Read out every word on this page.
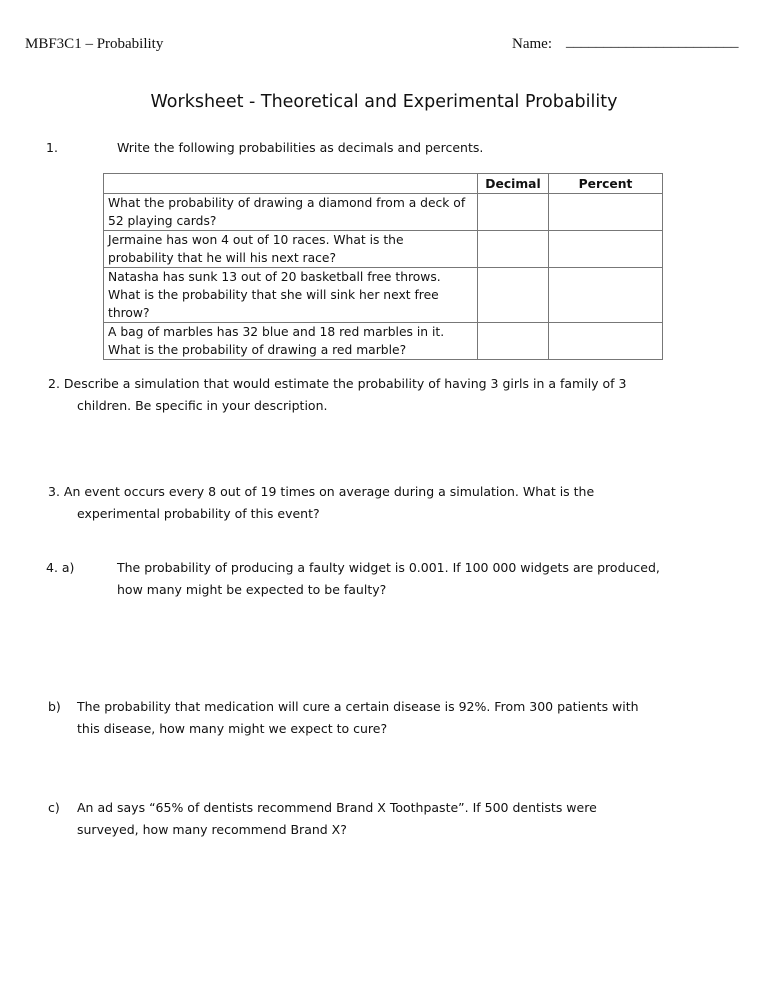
MBF3C1 – Probability	Name: _______________________
Worksheet - Theoretical and Experimental Probability
1.	Write the following probabilities as decimals and percents.
	Decimal	Percent
What the probability of drawing a diamond from a deck of 52 playing cards?		
Jermaine has won 4 out of 10 races. What is the probability that he will his next race?		
Natasha has sunk 13 out of 20 basketball free throws. What is the probability that she will sink her next free throw?		
A bag of marbles has 32 blue and 18 red marbles in it. What is the probability of drawing a red marble?		
2. Describe a simulation that would estimate the probability of having 3 girls in a family of 3
children. Be specific in your description.
3. An event occurs every 8 out of 19 times on average during a simulation. What is the
experimental probability of this event?
4. a)	The probability of producing a faulty widget is 0.001. If 100 000 widgets are produced,
how many might be expected to be faulty?
b) The probability that medication will cure a certain disease is 92%. From 300 patients with
this disease, how many might we expect to cure?
c) An ad says “65% of dentists recommend Brand X Toothpaste”. If 500 dentists were
surveyed, how many recommend Brand X?
